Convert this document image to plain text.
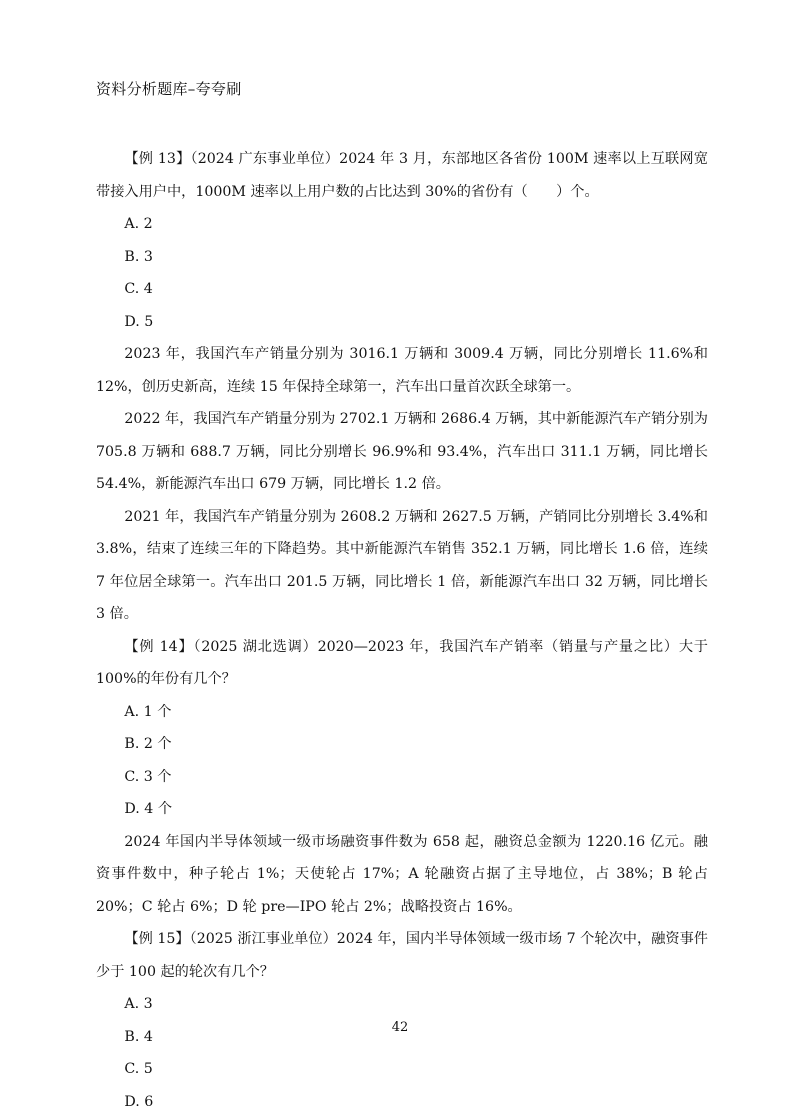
资料分析题库–夸夸刷

【例 13】（2024 广东事业单位）2024 年 3 月，东部地区各省份 100M 速率以上互联网宽带接入用户中，1000M 速率以上用户数的占比达到 30%的省份有（　　）个。

A. 2

B. 3

C. 4

D. 5

2023 年，我国汽车产销量分别为 3016.1 万辆和 3009.4 万辆，同比分别增长 11.6%和 12%，创历史新高，连续 15 年保持全球第一，汽车出口量首次跃全球第一。

2022 年，我国汽车产销量分别为 2702.1 万辆和 2686.4 万辆，其中新能源汽车产销分别为 705.8 万辆和 688.7 万辆，同比分别增长 96.9%和 93.4%，汽车出口 311.1 万辆，同比增长 54.4%，新能源汽车出口 679 万辆，同比增长 1.2 倍。

2021 年，我国汽车产销量分别为 2608.2 万辆和 2627.5 万辆，产销同比分别增长 3.4%和 3.8%，结束了连续三年的下降趋势。其中新能源汽车销售 352.1 万辆，同比增长 1.6 倍，连续 7 年位居全球第一。汽车出口 201.5 万辆，同比增长 1 倍，新能源汽车出口 32 万辆，同比增长 3 倍。

【例 14】（2025 湖北选调）2020—2023 年，我国汽车产销率（销量与产量之比）大于 100%的年份有几个？

A. 1 个

B. 2 个

C. 3 个

D. 4 个

2024 年国内半导体领域一级市场融资事件数为 658 起，融资总金额为 1220.16 亿元。融资事件数中，种子轮占 1%；天使轮占 17%；A 轮融资占据了主导地位，占 38%；B 轮占 20%；C 轮占 6%；D 轮 pre—IPO 轮占 2%；战略投资占 16%。

【例 15】（2025 浙江事业单位）2024 年，国内半导体领域一级市场 7 个轮次中，融资事件少于 100 起的轮次有几个？

A. 3

B. 4

C. 5

D. 6

42
